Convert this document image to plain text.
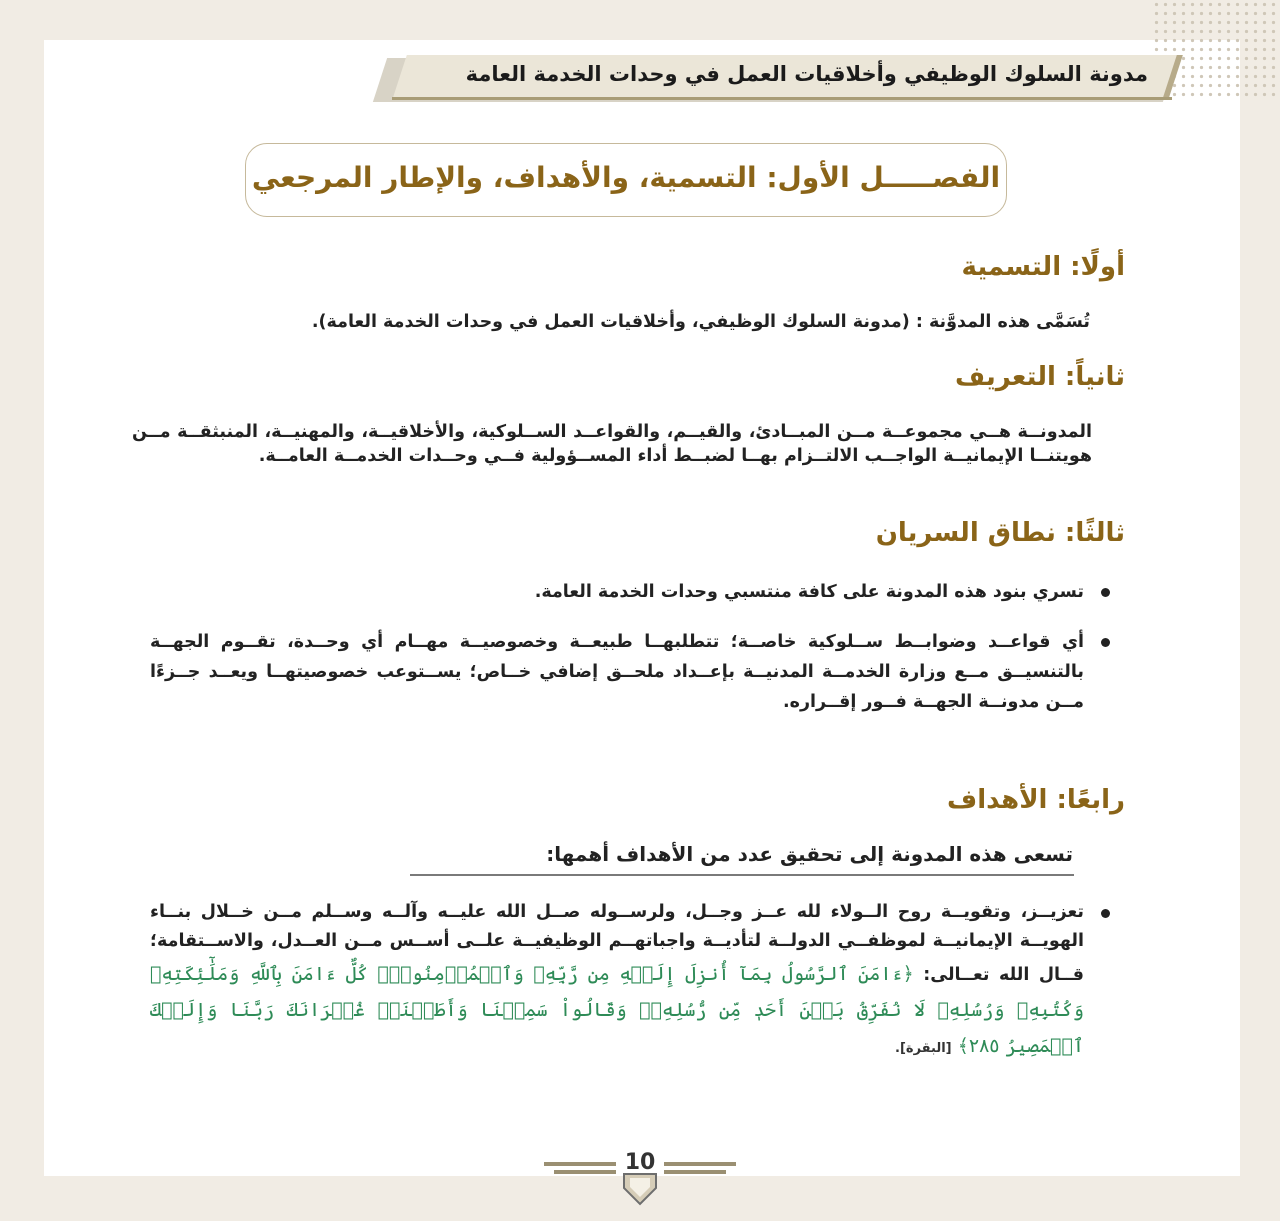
مدونة السلوك الوظيفي وأخلاقيات العمل في وحدات الخدمة العامة
الفصـــــل الأول: التسمية، والأهداف، والإطار المرجعي
أولًا: التسمية
تُسَمَّى هذه المدوَّنة : (مدونة السلوك الوظيفي، وأخلاقيات العمل في وحدات الخدمة العامة).
ثانياً: التعريف
المدونــة هــي مجموعــة مــن المبــادئ، والقيــم، والقواعــد الســلوكية، والأخلاقيــة، والمهنيــة، المنبثقــة مــن هويتنــا الإيمانيــة الواجــب الالتــزام بهــا لضبــط أداء المســؤولية فــي وحــدات الخدمــة العامــة.
ثالثًا: نطاق السريان
تسري بنود هذه المدونة على كافة منتسبي وحدات الخدمة العامة.
أي قواعــد وضوابــط ســلوكية خاصــة؛ تتطلبهــا طبيعــة وخصوصيــة مهــام أي وحــدة، تقــوم الجهــة بالتنسيــق مــع وزارة الخدمــة المدنيــة بإعــداد ملحــق إضافي خــاص؛ يســتوعب خصوصيتهــا ويعــد جــزءًا مــن مدونــة الجهــة فــور إقــراره.
رابعًا: الأهداف
تسعى هذه المدونة إلى تحقيق عدد من الأهداف أهمها:
تعزيــز، وتقويــة روح الــولاء لله عــز وجــل، ولرســوله صــل الله عليــه وآلــه وســلم مــن خــلال بنــاء الهويــة الإيمانيــة لموظفــي الدولــة لتأديــة واجباتهــم الوظيفيــة علــى أســس مــن العــدل، والاســتقامة؛ قــال الله تعــالى: ﴿ءَامَنَ ٱلرَّسُولُ بِمَآ أُنزِلَ إِلَيۡهِ مِن رَّبِّهِۦ وَٱلۡمُؤۡمِنُونَۚ كُلٌّ ءَامَنَ بِٱللَّهِ وَمَلَٰٓئِكَتِهِۦ وَكُتُبِهِۦ وَرُسُلِهِۦ لَا نُفَرِّقُ بَيۡنَ أَحَدٖ مِّن رُّسُلِهِۦۚ وَقَالُواْ سَمِعۡنَا وَأَطَعۡنَاۖ غُفۡرَانَكَ رَبَّنَا وَإِلَيۡكَ ٱلۡمَصِيرُ ٢٨٥﴾ [البقرة].
10
